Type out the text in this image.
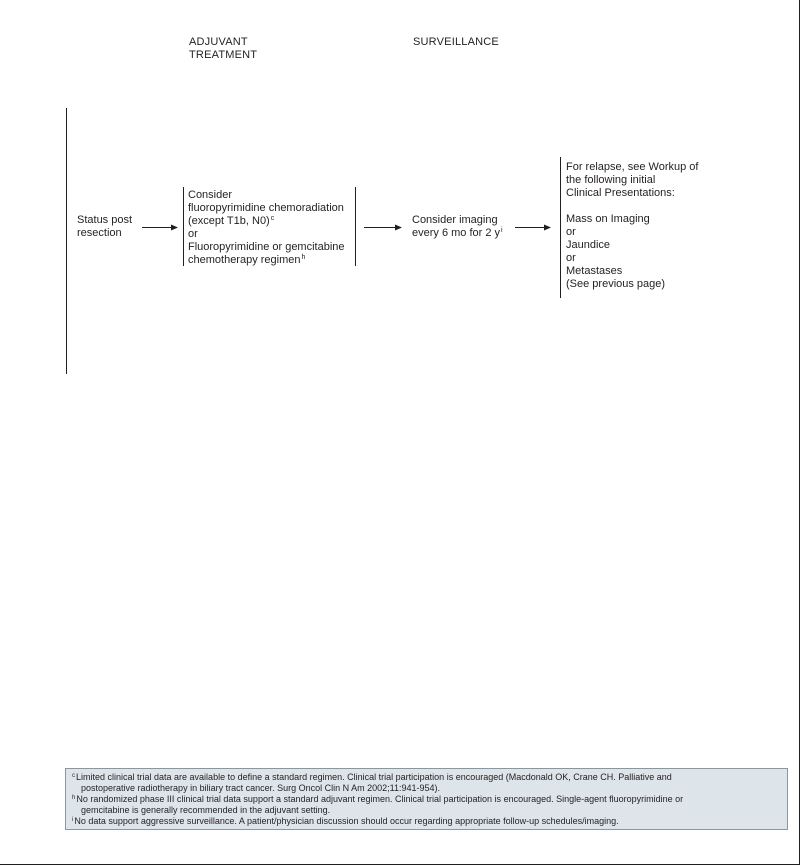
ADJUVANT
TREATMENT
SURVEILLANCE
Status post
resection
Consider
fluoropyrimidine chemoradiation
(except T1b, N0)$^c$
or
Fluoropyrimidine or gemcitabine
chemotherapy regimen$^h$
Consider imaging
every 6 mo for 2 $y^i$
For relapse, see Workup of
the following initial
Clinical Presentations:

Mass on Imaging
or
Jaundice
or
Metastases
(See previous page)
$^c$Limited clinical trial data are available to define a standard regimen. Clinical trial participation is encouraged (Macdonald OK, Crane CH. Palliative and
postoperative radiotherapy in biliary tract cancer. Surg Oncol Clin N Am 2002;11:941-954).
$^h$No randomized phase III clinical trial data support a standard adjuvant regimen. Clinical trial participation is encouraged. Single-agent fluoropyrimidine or
gemcitabine is generally recommended in the adjuvant setting.
$^i$No data support aggressive surveillance. A patient/physician discussion should occur regarding appropriate follow-up schedules/imaging.
